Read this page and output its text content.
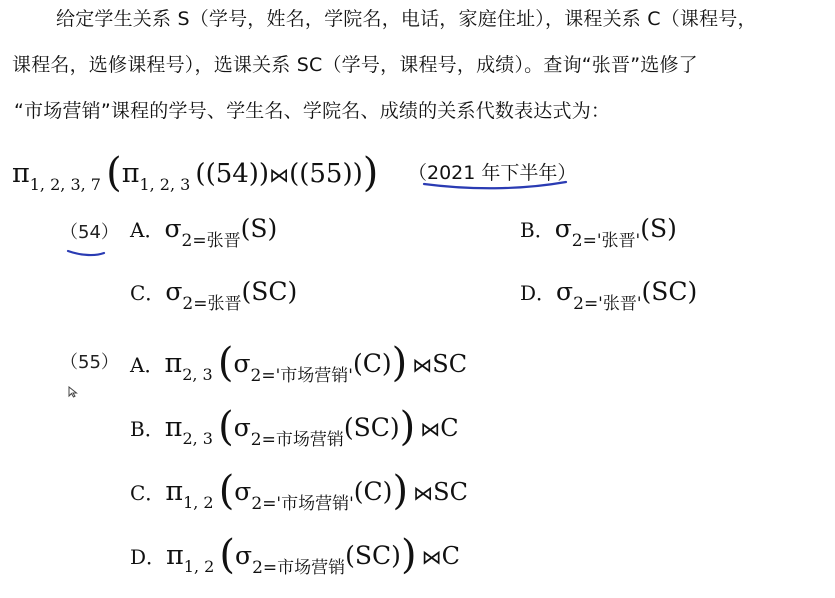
给定学生关系 S（学号，姓名，学院名，电话，家庭住址），课程关系 C（课程号，
课程名，选修课程号），选课关系 SC（学号，课程号，成绩）。查询“张晋”选修了
“市场营销”课程的学号、学生名、学院名、成绩的关系代数表达式为：
π1, 2, 3, 7 (π1, 2, 3 ((54))⋈((55))) （2021 年下半年）
（54） A．σ2=张晋(S)	B．σ2='张晋'(S)
C．σ2=张晋(SC)	D．σ2='张晋'(SC)
（55） A．π2, 3 (σ2='市场营销'(C)) ⋈SC
B．π2, 3 (σ2=市场营销(SC)) ⋈C
C．π1, 2 (σ2='市场营销'(C)) ⋈SC
D．π1, 2 (σ2=市场营销(SC)) ⋈C
